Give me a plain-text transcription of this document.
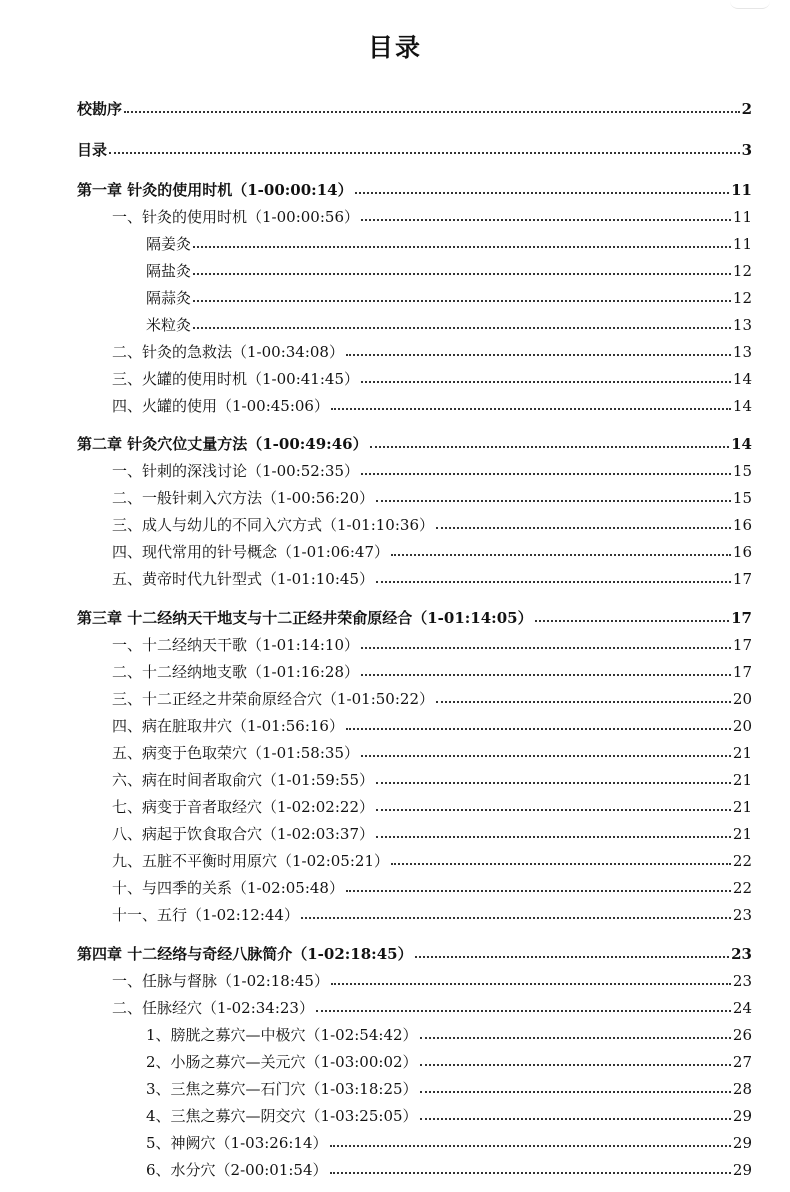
目录
校勘序	2
目录	3
第一章 针灸的使用时机（1-00:00:14）	11
一、针灸的使用时机（1-00:00:56）	11
隔姜灸	11
隔盐灸	12
隔蒜灸	12
米粒灸	13
二、针灸的急救法（1-00:34:08）	13
三、火罐的使用时机（1-00:41:45）	14
四、火罐的使用（1-00:45:06）	14
第二章 针灸穴位丈量方法（1-00:49:46）	14
一、针刺的深浅讨论（1-00:52:35）	15
二、一般针刺入穴方法（1-00:56:20）	15
三、成人与幼儿的不同入穴方式（1-01:10:36）	16
四、现代常用的针号概念（1-01:06:47）	16
五、黄帝时代九针型式（1-01:10:45）	17
第三章 十二经纳天干地支与十二正经井荣俞原经合（1-01:14:05）	17
一、十二经纳天干歌（1-01:14:10）	17
二、十二经纳地支歌（1-01:16:28）	17
三、十二正经之井荣俞原经合穴（1-01:50:22）	20
四、病在脏取井穴（1-01:56:16）	20
五、病变于色取荣穴（1-01:58:35）	21
六、病在时间者取俞穴（1-01:59:55）	21
七、病变于音者取经穴（1-02:02:22）	21
八、病起于饮食取合穴（1-02:03:37）	21
九、五脏不平衡时用原穴（1-02:05:21）	22
十、与四季的关系（1-02:05:48）	22
十一、五行（1-02:12:44）	23
第四章 十二经络与奇经八脉简介（1-02:18:45）	23
一、任脉与督脉（1-02:18:45）	23
二、任脉经穴（1-02:34:23）	24
1、膀胱之募穴—中极穴（1-02:54:42）	26
2、小肠之募穴—关元穴（1-03:00:02）	27
3、三焦之募穴—石门穴（1-03:18:25）	28
4、三焦之募穴—阴交穴（1-03:25:05）	29
5、神阙穴（1-03:26:14）	29
6、水分穴（2-00:01:54）	29
